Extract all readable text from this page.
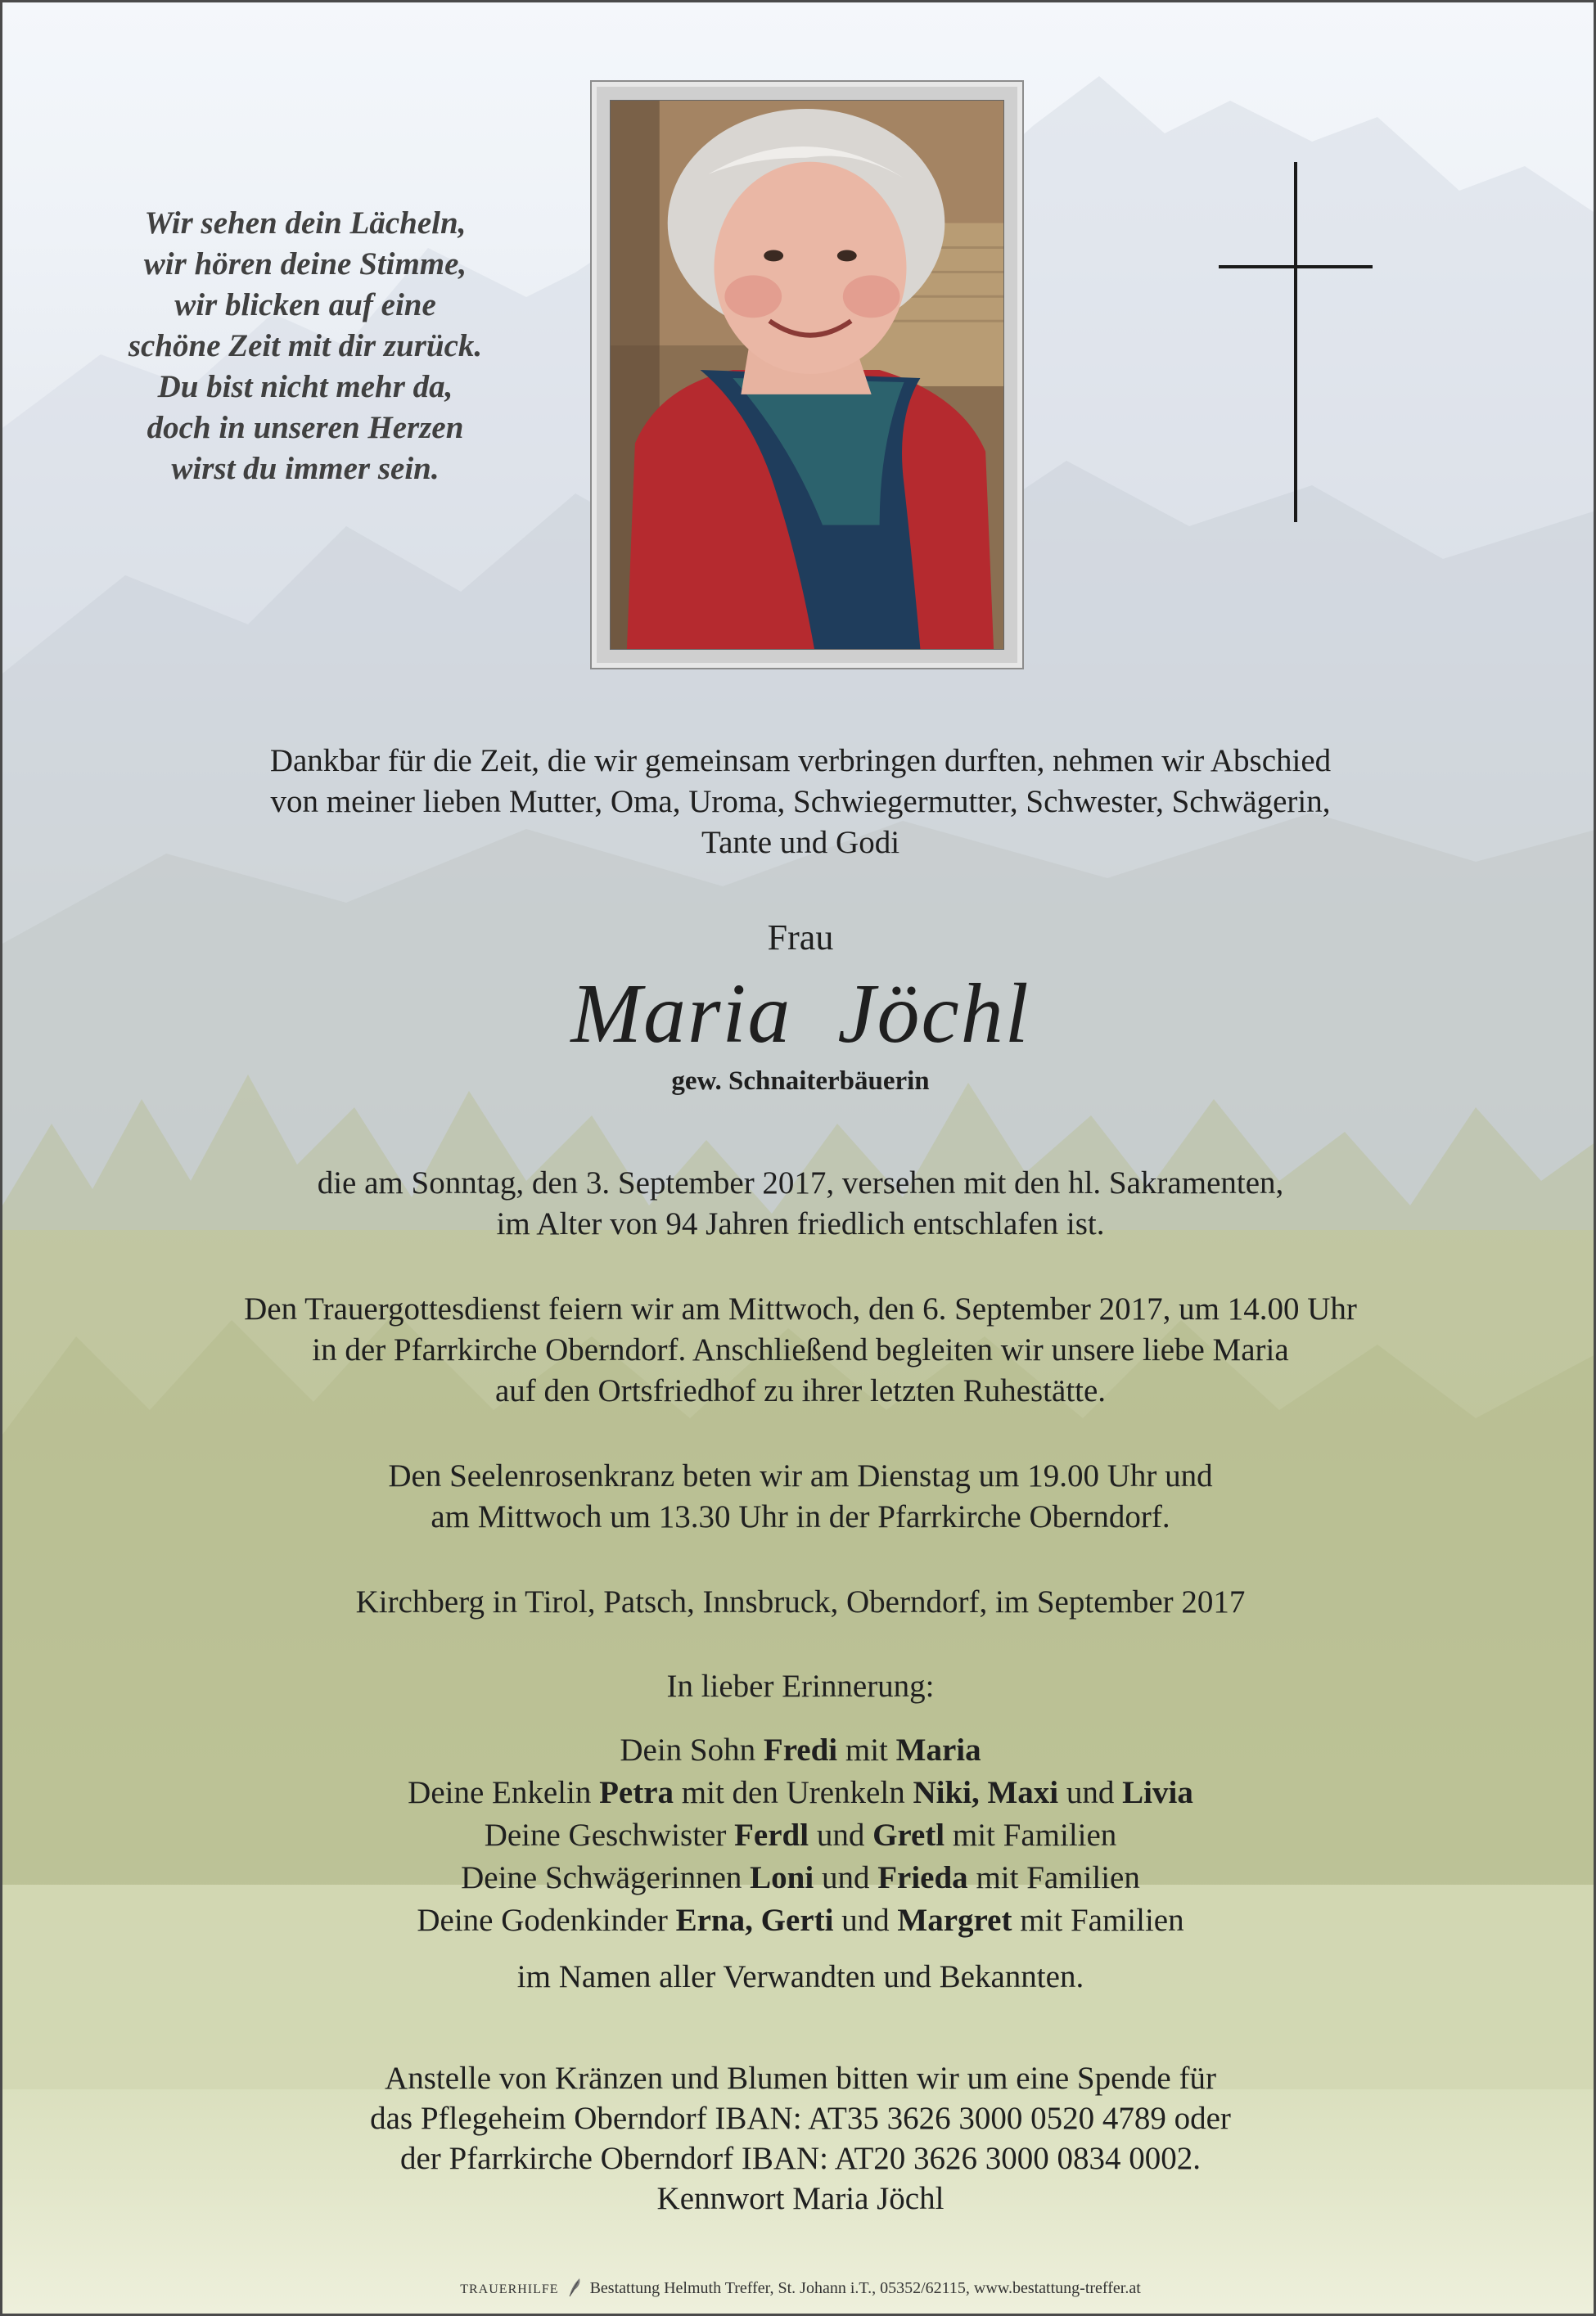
Wir sehen dein Lächeln,
wir hören deine Stimme,
wir blicken auf eine
schöne Zeit mit dir zurück.
Du bist nicht mehr da,
doch in unseren Herzen
wirst du immer sein.
Dankbar für die Zeit, die wir gemeinsam verbringen durften, nehmen wir Abschied
von meiner lieben Mutter, Oma, Uroma, Schwiegermutter, Schwester, Schwägerin,
Tante und Godi
Frau
Maria  Jöchl
gew. Schnaiterbäuerin
die am Sonntag, den 3. September 2017, versehen mit den hl. Sakramenten,
im Alter von 94 Jahren friedlich entschlafen ist.
Den Trauergottesdienst feiern wir am Mittwoch, den 6. September 2017, um 14.00 Uhr
in der Pfarrkirche Oberndorf. Anschließend begleiten wir unsere liebe Maria
auf den Ortsfriedhof zu ihrer letzten Ruhestätte.
Den Seelenrosenkranz beten wir am Dienstag um 19.00 Uhr und
am Mittwoch um 13.30 Uhr in der Pfarrkirche Oberndorf.
Kirchberg in Tirol, Patsch, Innsbruck, Oberndorf, im September 2017
In lieber Erinnerung:
Dein Sohn Fredi mit Maria
Deine Enkelin Petra mit den Urenkeln Niki, Maxi und Livia
Deine Geschwister Ferdl und Gretl mit Familien
Deine Schwägerinnen Loni und Frieda mit Familien
Deine Godenkinder Erna, Gerti und Margret mit Familien
im Namen aller Verwandten und Bekannten.
Anstelle von Kränzen und Blumen bitten wir um eine Spende für
das Pflegeheim Oberndorf IBAN: AT35 3626 3000 0520 4789 oder
der Pfarrkirche Oberndorf IBAN: AT20 3626 3000 0834 0002.
Kennwort Maria Jöchl
TRAUERHILFE Bestattung Helmuth Treffer, St. Johann i.T., 05352/62115, www.bestattung-treffer.at
